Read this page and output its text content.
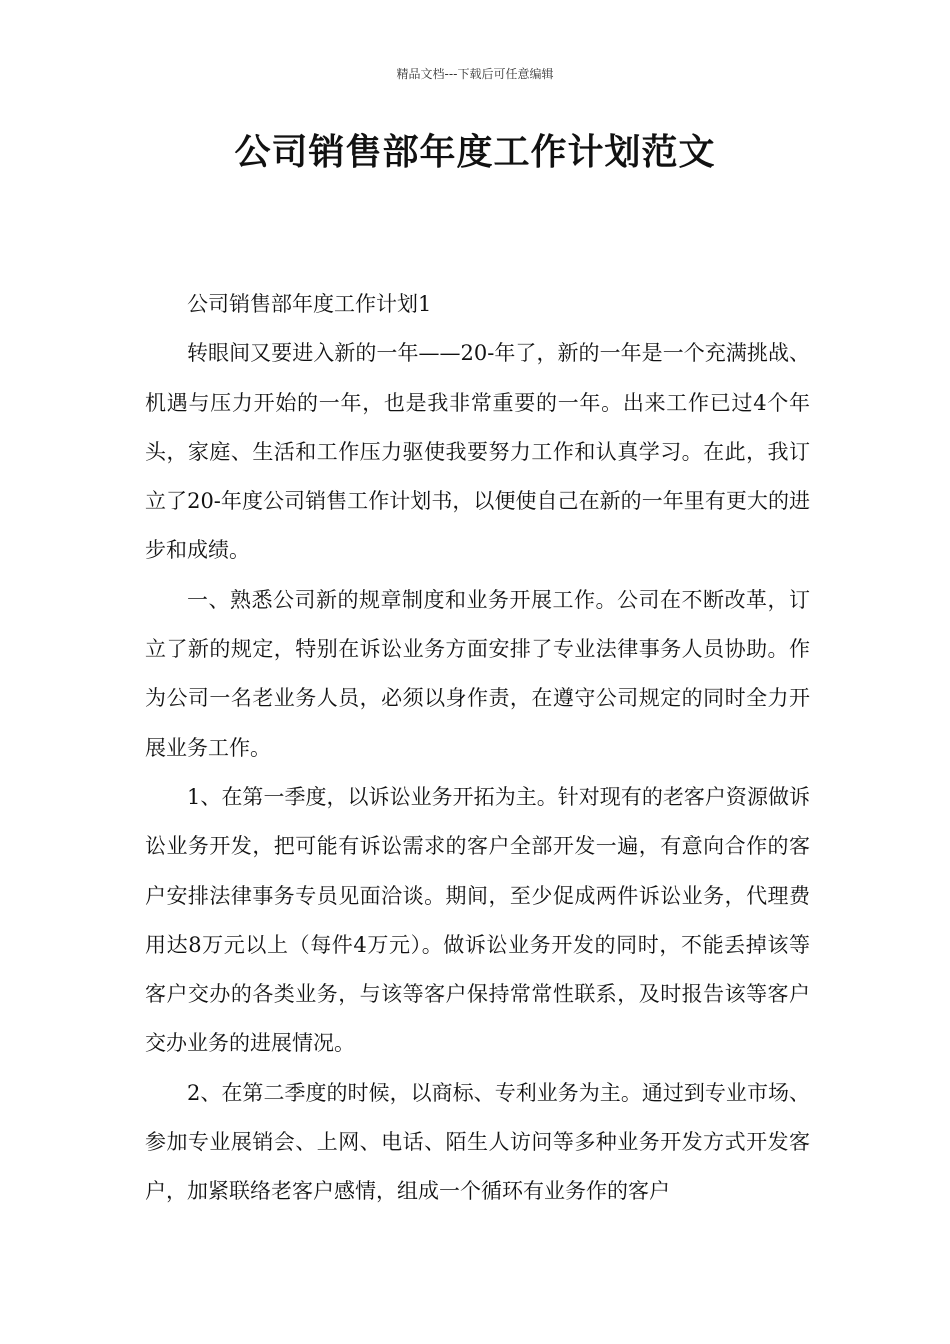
精品文档---下载后可任意编辑
公司销售部年度工作计划范文

公司销售部年度工作计划1

转眼间又要进入新的一年——20-年了，新的一年是一个充满挑战、机遇与压力开始的一年，也是我非常重要的一年。出来工作已过4个年头，家庭、生活和工作压力驱使我要努力工作和认真学习。在此，我订立了20-年度公司销售工作计划书，以便使自己在新的一年里有更大的进步和成绩。

一、熟悉公司新的规章制度和业务开展工作。公司在不断改革，订立了新的规定，特别在诉讼业务方面安排了专业法律事务人员协助。作为公司一名老业务人员，必须以身作责，在遵守公司规定的同时全力开展业务工作。

1、在第一季度，以诉讼业务开拓为主。针对现有的老客户资源做诉讼业务开发，把可能有诉讼需求的客户全部开发一遍，有意向合作的客户安排法律事务专员见面洽谈。期间，至少促成两件诉讼业务，代理费用达8万元以上（每件4万元）。做诉讼业务开发的同时，不能丢掉该等客户交办的各类业务，与该等客户保持常常性联系，及时报告该等客户交办业务的进展情况。

2、在第二季度的时候，以商标、专利业务为主。通过到专业市场、参加专业展销会、上网、电话、陌生人访问等多种业务开发方式开发客户，加紧联络老客户感情，组成一个循环有业务作的客户
